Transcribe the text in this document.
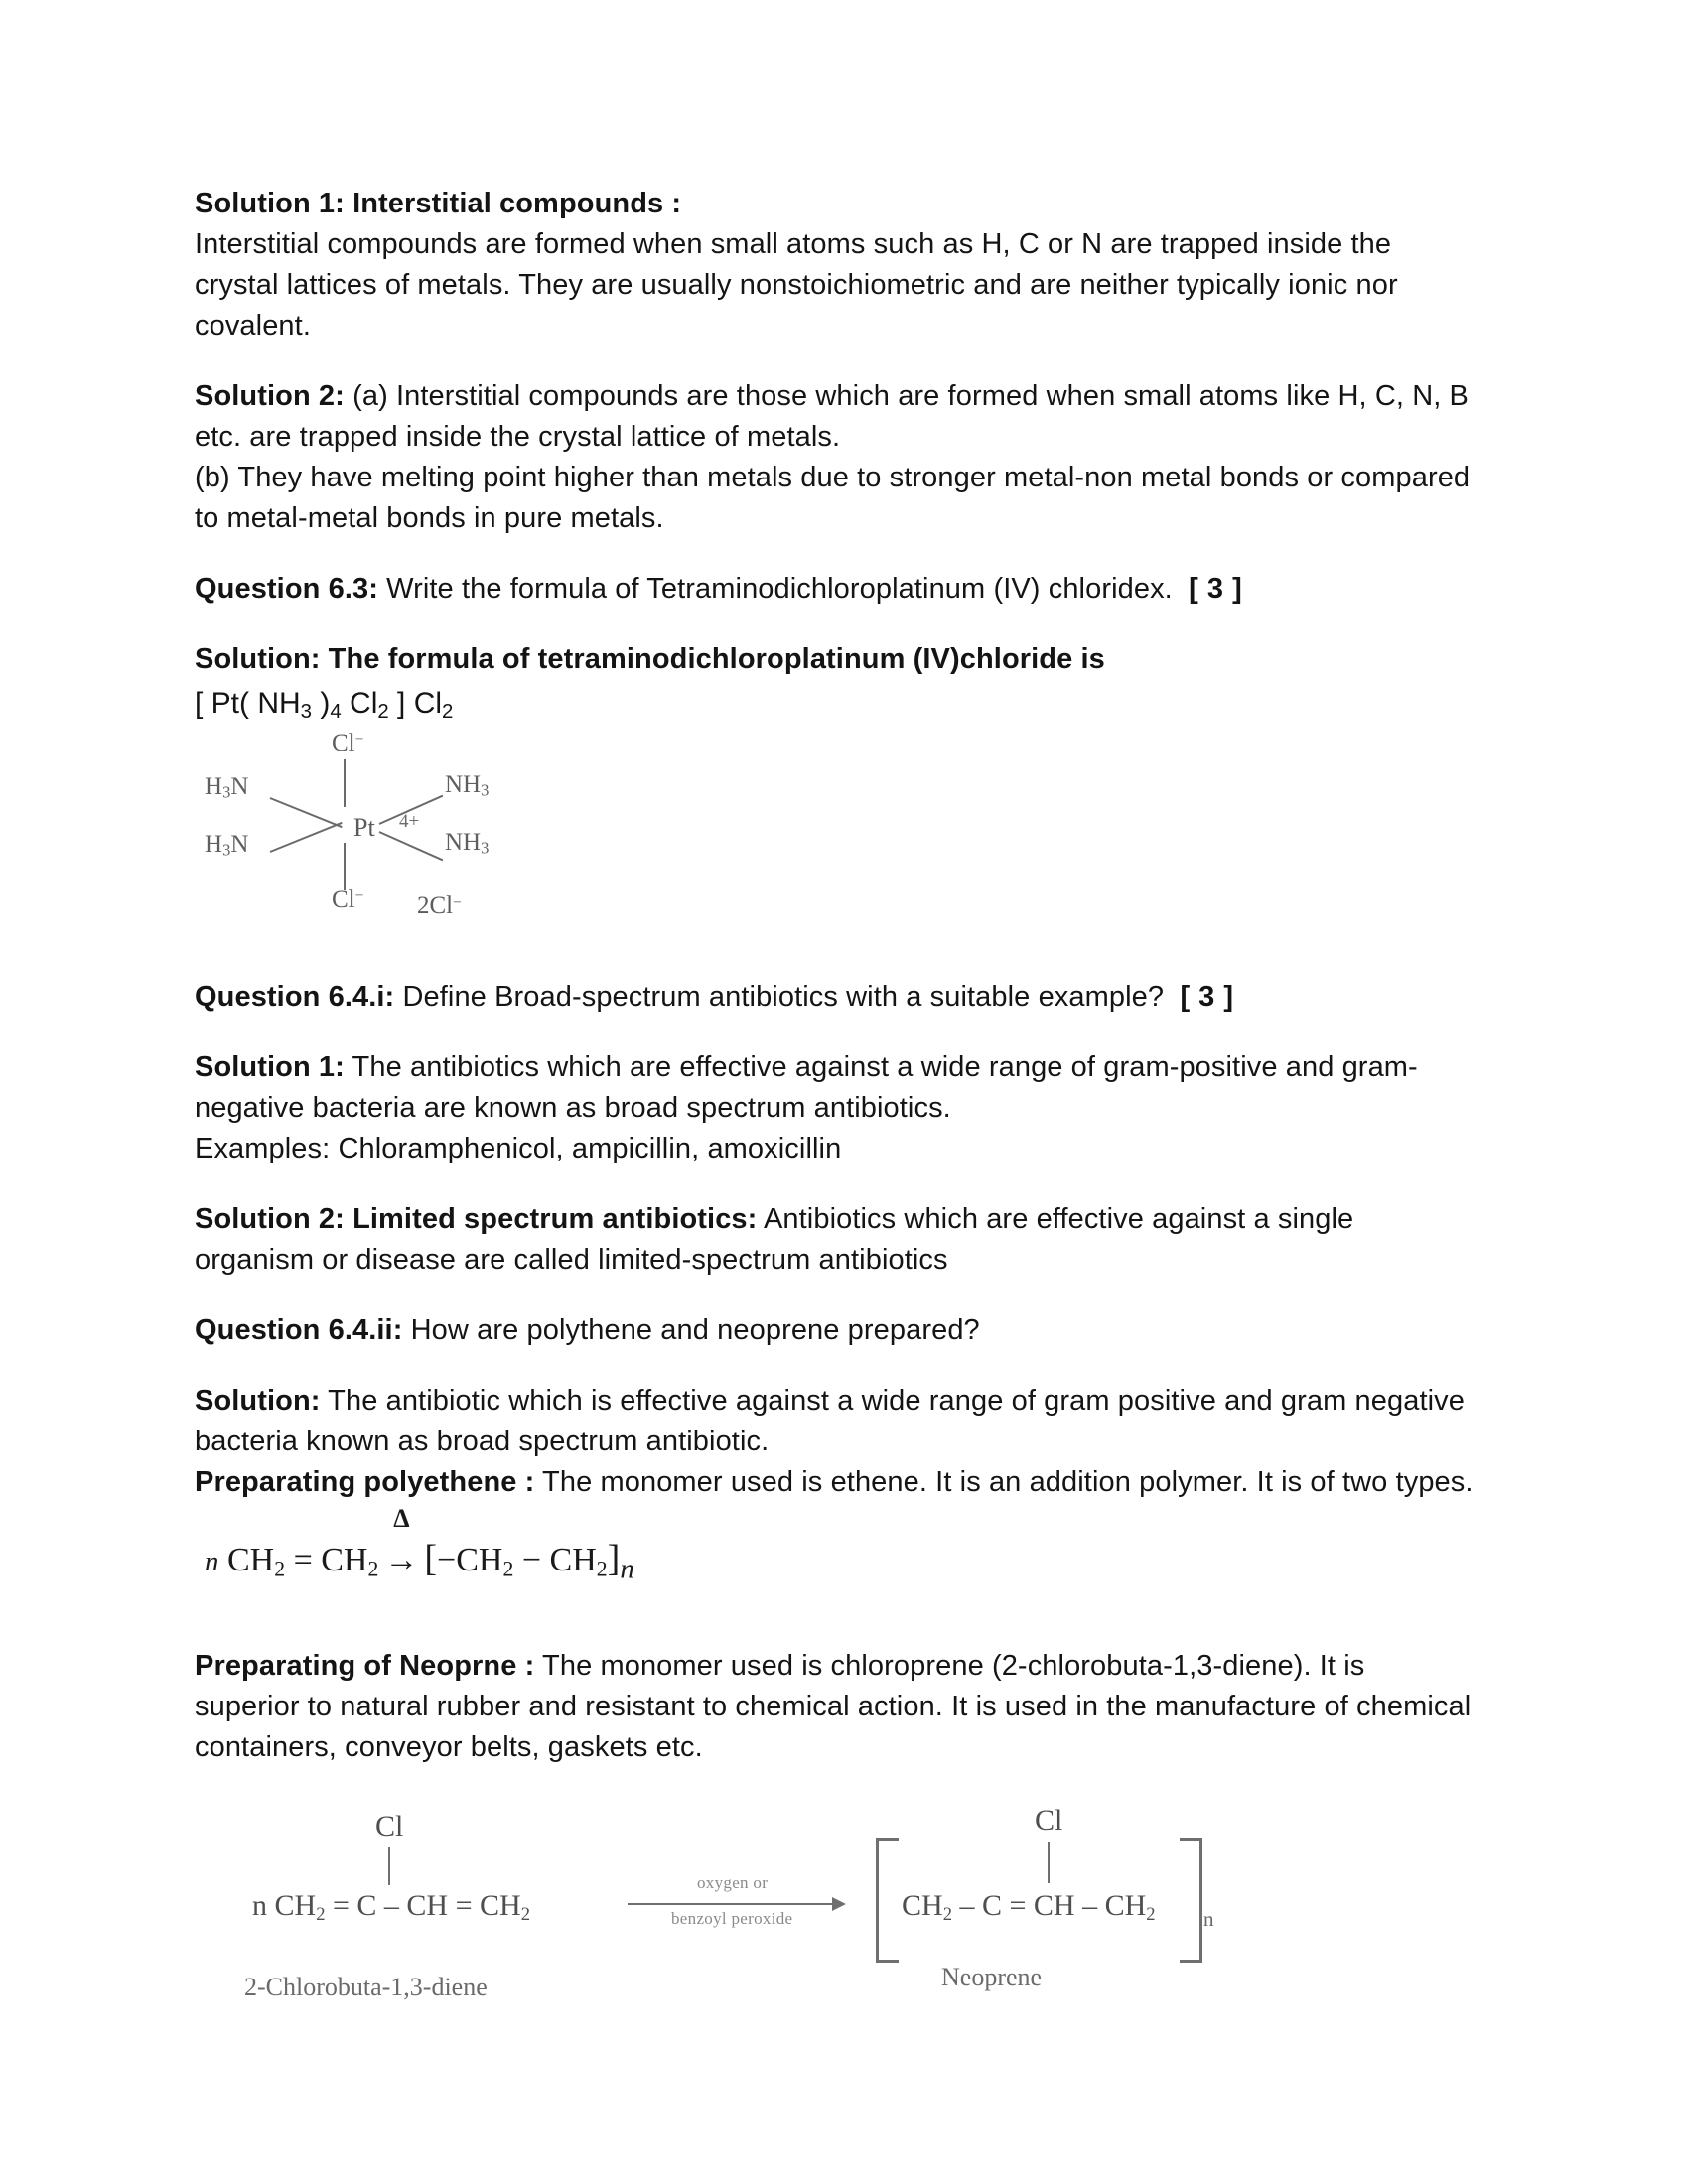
Solution 1: Interstitial compounds :
Interstitial compounds are formed when small atoms such as H, C or N are trapped inside the crystal lattices of metals. They are usually nonstoichiometric and are neither typically ionic nor covalent.

Solution 2: (a) Interstitial compounds are those which are formed when small atoms like H, C, N, B etc. are trapped inside the crystal lattice of metals.
(b) They have melting point higher than metals due to stronger metal-non metal bonds or compared to metal-metal bonds in pure metals.

Question 6.3: Write the formula of Tetraminodichloroplatinum (IV) chloridex. [ 3 ]

Solution: The formula of tetraminodichloroplatinum (IV)chloride is

[ Pt( $NH_3$ )$_4$ $Cl_2$ ] $Cl_2$
Cl−
Cl−
$H_3N$
$H_3N$
$NH_3$
$NH_3$
Pt 4+
2Cl−

Question 6.4.i: Define Broad-spectrum antibiotics with a suitable example? [ 3 ]

Solution 1: The antibiotics which are effective against a wide range of gram-positive and gram-negative bacteria are known as broad spectrum antibiotics.
Examples: Chloramphenicol, ampicillin, amoxicillin

Solution 2: Limited spectrum antibiotics: Antibiotics which are effective against a single organism or disease are called limited-spectrum antibiotics

Question 6.4.ii: How are polythene and neoprene prepared?

Solution: The antibiotic which is effective against a wide range of gram positive and gram negative bacteria known as broad spectrum antibiotic.
Preparating polyethene : The monomer used is ethene. It is an addition polymer. It is of two types.

n $CH_2 = CH_2$
Δ
→ $[-CH_2 - CH_2]_n$

Preparating of Neoprne : The monomer used is chloroprene (2-chlorobuta-1,3-diene). It is superior to natural rubber and resistant to chemical action. It is used in the manufacture of chemical containers, conveyor belts, gaskets etc.

Cl
n $CH_2 = C$ – CH = $CH_2$
oxygen or
benzoyl peroxide
Cl
$CH_2$ – C = CH – $CH_2$ n
2-Chlorobuta-1,3-diene	Neoprene
